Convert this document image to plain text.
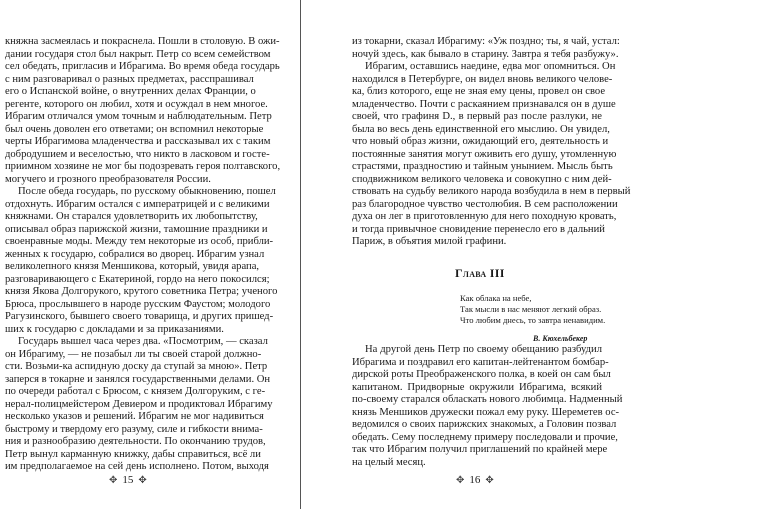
княжна засмеялась и покраснела. Пошли в столовую. В ожи-
дании государя стол был накрыт. Петр со всем семейством
сел обедать, пригласив и Ибрагима. Во время обеда государь
с ним разговаривал о разных предметах, расспрашивал
его о Испанской войне, о внутренних делах Франции, о
регенте, которого он любил, хотя и осуждал в нем многое.
Ибрагим отличался умом точным и наблюдательным. Петр
был очень доволен его ответами; он вспомнил некоторые
черты Ибрагимова младенчества и рассказывал их с таким
добродушием и веселостью, что никто в ласковом и госте-
приимном хозяине не мог бы подозревать героя полтавского,
могучего и грозного преобразователя России.
После обеда государь, по русскому обыкновению, пошел
отдохнуть. Ибрагим остался с императрицей и с великими
княжнами. Он старался удовлетворить их любопытству,
описывал образ парижской жизни, тамошние праздники и
своенравные моды. Между тем некоторые из особ, прибли-
женных к государю, собралися во дворец. Ибрагим узнал
великолепного князя Меншикова, который, увидя арапа,
разговаривающего с Екатериной, гордо на него покосился;
князя Якова Долгорукого, крутого советника Петра; ученого
Брюса, прослывшего в народе русским Фаустом; молодого
Рагузинского, бывшего своего товарища, и других пришед-
ших к государю с докладами и за приказаниями.
Государь вышел часа через два. «Посмотрим, — сказал
он Ибрагиму, — не позабыл ли ты своей старой должно-
сти. Возьми-ка аспидную доску да ступай за мною». Петр
заперся в токарне и занялся государственными делами. Он
по очереди работал с Брюсом, с князем Долгоруким, с ге-
нерал-полицмейстером Девиером и продиктовал Ибрагиму
несколько указов и решений. Ибрагим не мог надивиться
быстрому и твердому его разуму, силе и гибкости внима-
ния и разнообразию деятельности. По окончанию трудов,
Петр вынул карманную книжку, дабы справиться, всё ли
им предполагаемое на сей день исполнено. Потом, выходя
✥ 15 ✥
из токарни, сказал Ибрагиму: «Уж поздно; ты, я чай, устал:
ночуй здесь, как бывало в старину. Завтра я тебя разбужу».
Ибрагим, оставшись наедине, едва мог опомниться. Он
находился в Петербурге, он видел вновь великого челове-
ка, близ которого, еще не зная ему цены, провел он свое
младенчество. Почти с раскаянием признавался он в душе
своей, что графиня D., в первый раз после разлуки, не
была во весь день единственной его мыслию. Он увидел,
что новый образ жизни, ожидающий его, деятельность и
постоянные занятия могут оживить его душу, утомленную
страстями, праздностию и тайным унынием. Мысль быть
сподвижником великого человека и совокупно с ним дей-
ствовать на судьбу великого народа возбудила в нем в первый
раз благородное чувство честолюбия. В сем расположении
духа он лег в приготовленную для него походную кровать,
и тогда привычное сновидение перенесло его в дальний
Париж, в объятия милой графини.
Глава III
Как облака на небе,
Так мысли в нас меняют легкий образ.
Что любим днесь, то завтра ненавидим.
В. Кюхельбекер
На другой день Петр по своему обещанию разбудил
Ибрагима и поздравил его капитан-лейтенантом бомбар-
дирской роты Преображенского полка, в коей он сам был
капитаном. Придворные окружили Ибрагима, всякий
по-своему старался обласкать нового любимца. Надменный
князь Меншиков дружески пожал ему руку. Шереметев ос-
ведомился о своих парижских знакомых, а Головин позвал
обедать. Сему последнему примеру последовали и прочие,
так что Ибрагим получил приглашений по крайней мере
на целый месяц.
✥ 16 ✥
